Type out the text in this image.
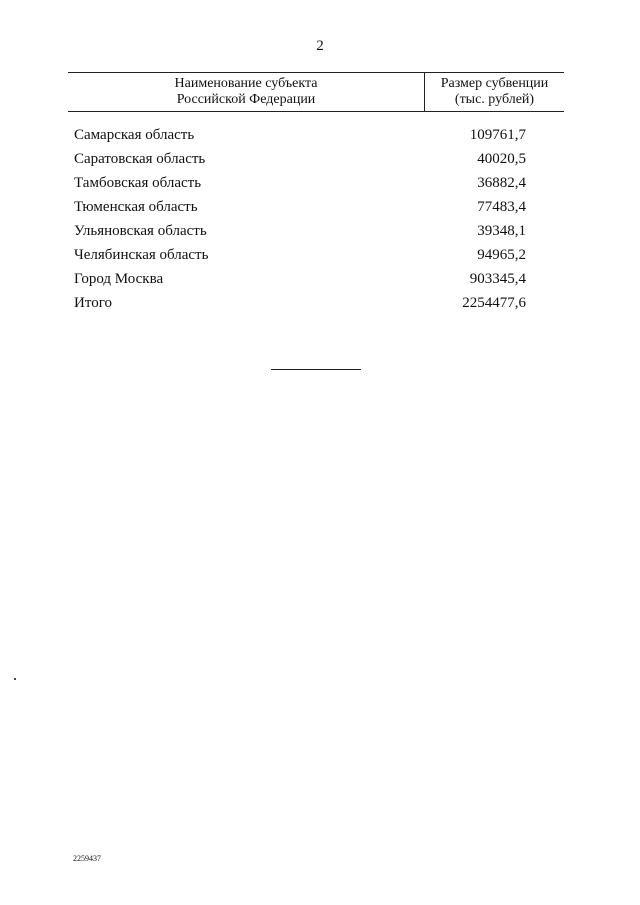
2
Наименование субъекта
Российской Федерации
Размер субвенции
(тыс. рублей)
Самарская область	109761,7
Саратовская область	40020,5
Тамбовская область	36882,4
Тюменская область	77483,4
Ульяновская область	39348,1
Челябинская область	94965,2
Город Москва	903345,4
Итого	2254477,6
2259437
